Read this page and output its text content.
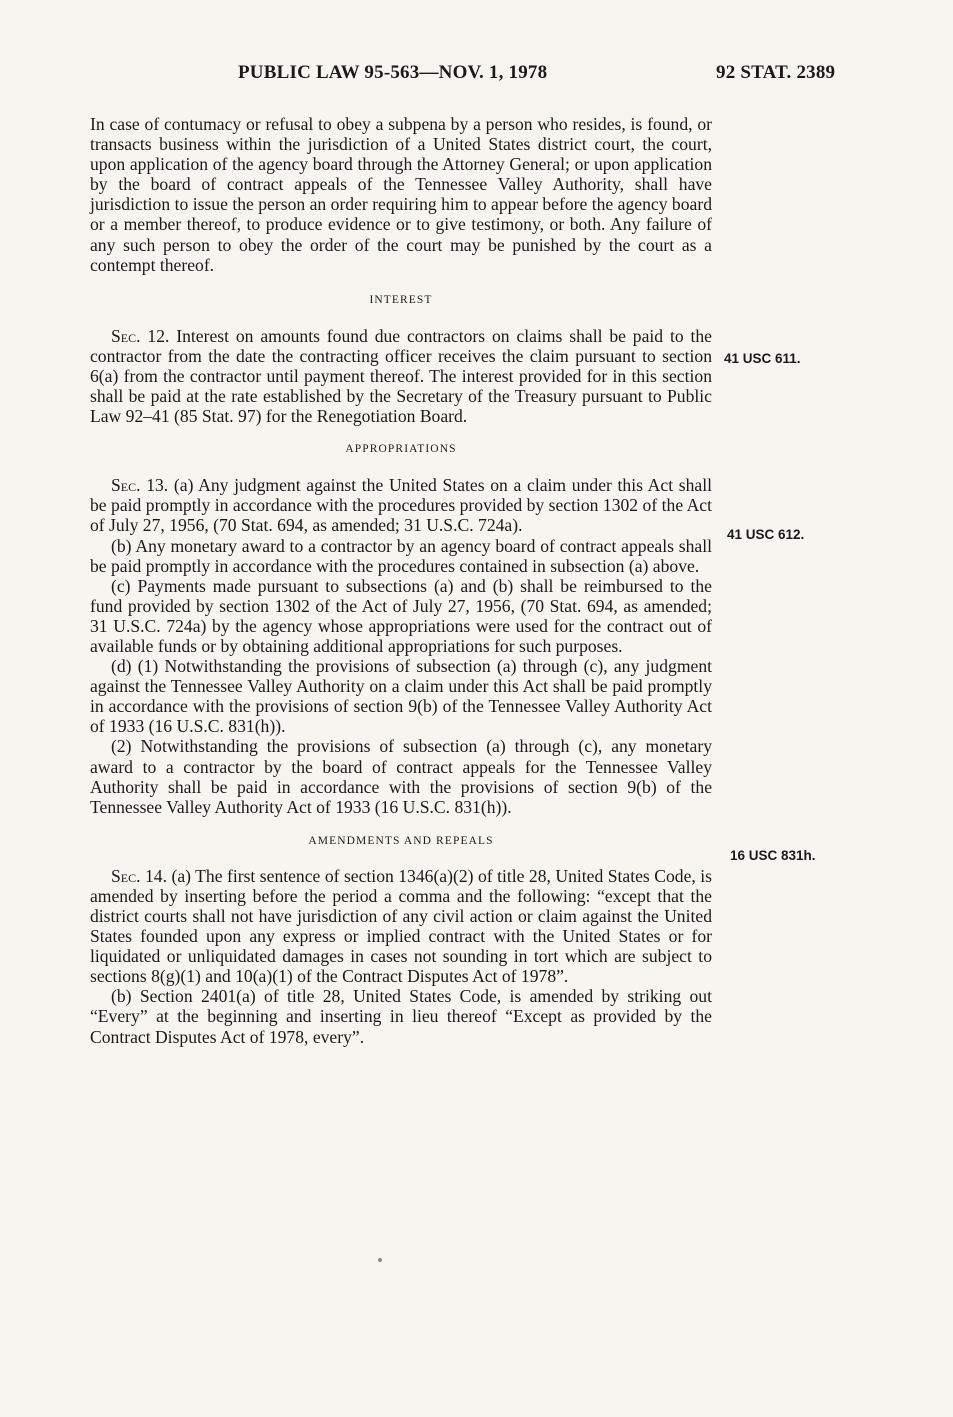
PUBLIC LAW 95-563—NOV. 1, 1978	92 STAT. 2389

In case of contumacy or refusal to obey a subpena by a person who resides, is found, or transacts business within the jurisdiction of a United States district court, the court, upon application of the agency board through the Attorney General; or upon application by the board of contract appeals of the Tennessee Valley Authority, shall have jurisdiction to issue the person an order requiring him to appear before the agency board or a member thereof, to produce evidence or to give testimony, or both. Any failure of any such person to obey the order of the court may be punished by the court as a contempt thereof.

INTEREST

Sec. 12. Interest on amounts found due contractors on claims shall be paid to the contractor from the date the contracting officer receives the claim pursuant to section 6(a) from the contractor until payment thereof. The interest provided for in this section shall be paid at the rate established by the Secretary of the Treasury pursuant to Public Law 92–41 (85 Stat. 97) for the Renegotiation Board.

APPROPRIATIONS

Sec. 13. (a) Any judgment against the United States on a claim under this Act shall be paid promptly in accordance with the procedures provided by section 1302 of the Act of July 27, 1956, (70 Stat. 694, as amended; 31 U.S.C. 724a).

(b) Any monetary award to a contractor by an agency board of contract appeals shall be paid promptly in accordance with the procedures contained in subsection (a) above.

(c) Payments made pursuant to subsections (a) and (b) shall be reimbursed to the fund provided by section 1302 of the Act of July 27, 1956, (70 Stat. 694, as amended; 31 U.S.C. 724a) by the agency whose appropriations were used for the contract out of available funds or by obtaining additional appropriations for such purposes.

(d) (1) Notwithstanding the provisions of subsection (a) through (c), any judgment against the Tennessee Valley Authority on a claim under this Act shall be paid promptly in accordance with the provisions of section 9(b) of the Tennessee Valley Authority Act of 1933 (16 U.S.C. 831(h)).

(2) Notwithstanding the provisions of subsection (a) through (c), any monetary award to a contractor by the board of contract appeals for the Tennessee Valley Authority shall be paid in accordance with the provisions of section 9(b) of the Tennessee Valley Authority Act of 1933 (16 U.S.C. 831(h)).

AMENDMENTS AND REPEALS

Sec. 14. (a) The first sentence of section 1346(a)(2) of title 28, United States Code, is amended by inserting before the period a comma and the following: “except that the district courts shall not have jurisdiction of any civil action or claim against the United States founded upon any express or implied contract with the United States or for liquidated or unliquidated damages in cases not sounding in tort which are subject to sections 8(g)(1) and 10(a)(1) of the Contract Disputes Act of 1978”.

(b) Section 2401(a) of title 28, United States Code, is amended by striking out “Every” at the beginning and inserting in lieu thereof “Except as provided by the Contract Disputes Act of 1978, every”.

41 USC 611.
41 USC 612.
16 USC 831h.
